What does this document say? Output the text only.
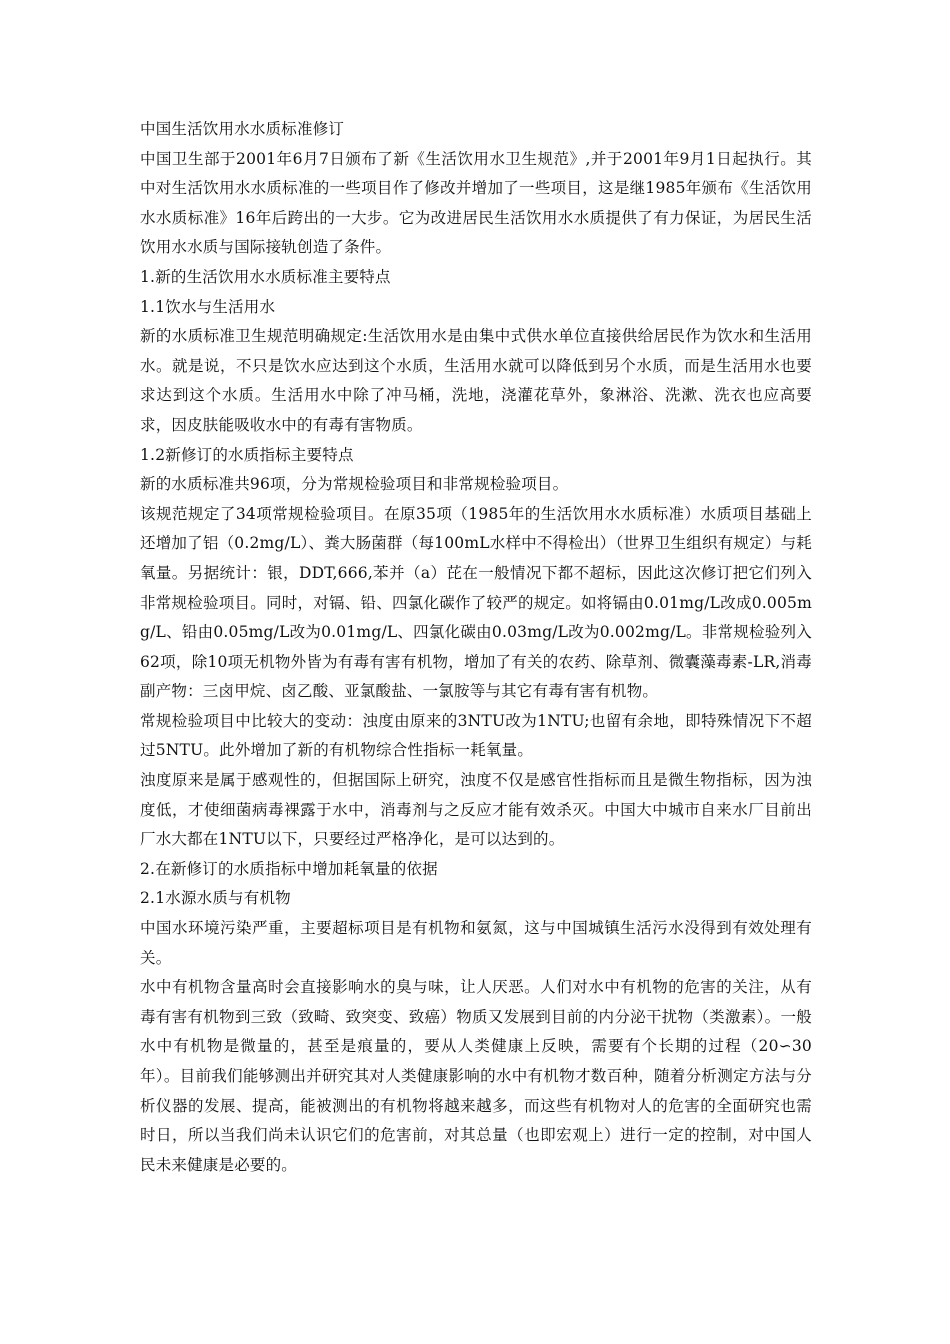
中国生活饮用水水质标准修订

中国卫生部于2001年6月7日颁布了新《生活饮用水卫生规范》,并于2001年9月1日起执行。其中对生活饮用水水质标准的一些项目作了修改并增加了一些项目，这是继1985年颁布《生活饮用水水质标准》16年后跨出的一大步。它为改进居民生活饮用水水质提供了有力保证，为居民生活饮用水水质与国际接轨创造了条件。

1.新的生活饮用水水质标准主要特点

1.1饮水与生活用水

新的水质标准卫生规范明确规定:生活饮用水是由集中式供水单位直接供给居民作为饮水和生活用水。就是说，不只是饮水应达到这个水质，生活用水就可以降低到另个水质，而是生活用水也要求达到这个水质。生活用水中除了冲马桶，洗地，浇灌花草外，象淋浴、洗漱、洗衣也应高要求，因皮肤能吸收水中的有毒有害物质。

1.2新修订的水质指标主要特点

新的水质标准共96项，分为常规检验项目和非常规检验项目。

该规范规定了34项常规检验项目。在原35项（1985年的生活饮用水水质标准）水质项目基础上还增加了铝（0.2mg/L）、粪大肠菌群（每100mL水样中不得检出）（世界卫生组织有规定）与耗氧量。另据统计：银，DDT,666,苯并（a）芘在一般情况下都不超标，因此这次修订把它们列入非常规检验项目。同时，对镉、铅、四氯化碳作了较严的规定。如将镉由0.01mg/L改成0.005mg/L、铅由0.05mg/L改为0.01mg/L、四氯化碳由0.03mg/L改为0.002mg/L。非常规检验列入62项，除10项无机物外皆为有毒有害有机物，增加了有关的农药、除草剂、微囊藻毒素-LR,消毒副产物：三卤甲烷、卤乙酸、亚氯酸盐、一氯胺等与其它有毒有害有机物。

常规检验项目中比较大的变动：浊度由原来的3NTU改为1NTU;也留有余地，即特殊情况下不超过5NTU。此外增加了新的有机物综合性指标一耗氧量。

浊度原来是属于感观性的，但据国际上研究，浊度不仅是感官性指标而且是微生物指标，因为浊度低，才使细菌病毒裸露于水中，消毒剂与之反应才能有效杀灭。中国大中城市自来水厂目前出厂水大都在1NTU以下，只要经过严格净化，是可以达到的。

2.在新修订的水质指标中增加耗氧量的依据

2.1水源水质与有机物

中国水环境污染严重，主要超标项目是有机物和氨氮，这与中国城镇生活污水没得到有效处理有关。

水中有机物含量高时会直接影响水的臭与味，让人厌恶。人们对水中有机物的危害的关注，从有毒有害有机物到三致（致畸、致突变、致癌）物质又发展到目前的内分泌干扰物（类激素）。一般水中有机物是微量的，甚至是痕量的，要从人类健康上反映，需要有个长期的过程（20∽30年）。目前我们能够测出并研究其对人类健康影响的水中有机物才数百种，随着分析测定方法与分析仪器的发展、提高，能被测出的有机物将越来越多，而这些有机物对人的危害的全面研究也需时日，所以当我们尚未认识它们的危害前，对其总量（也即宏观上）进行一定的控制，对中国人民未来健康是必要的。
